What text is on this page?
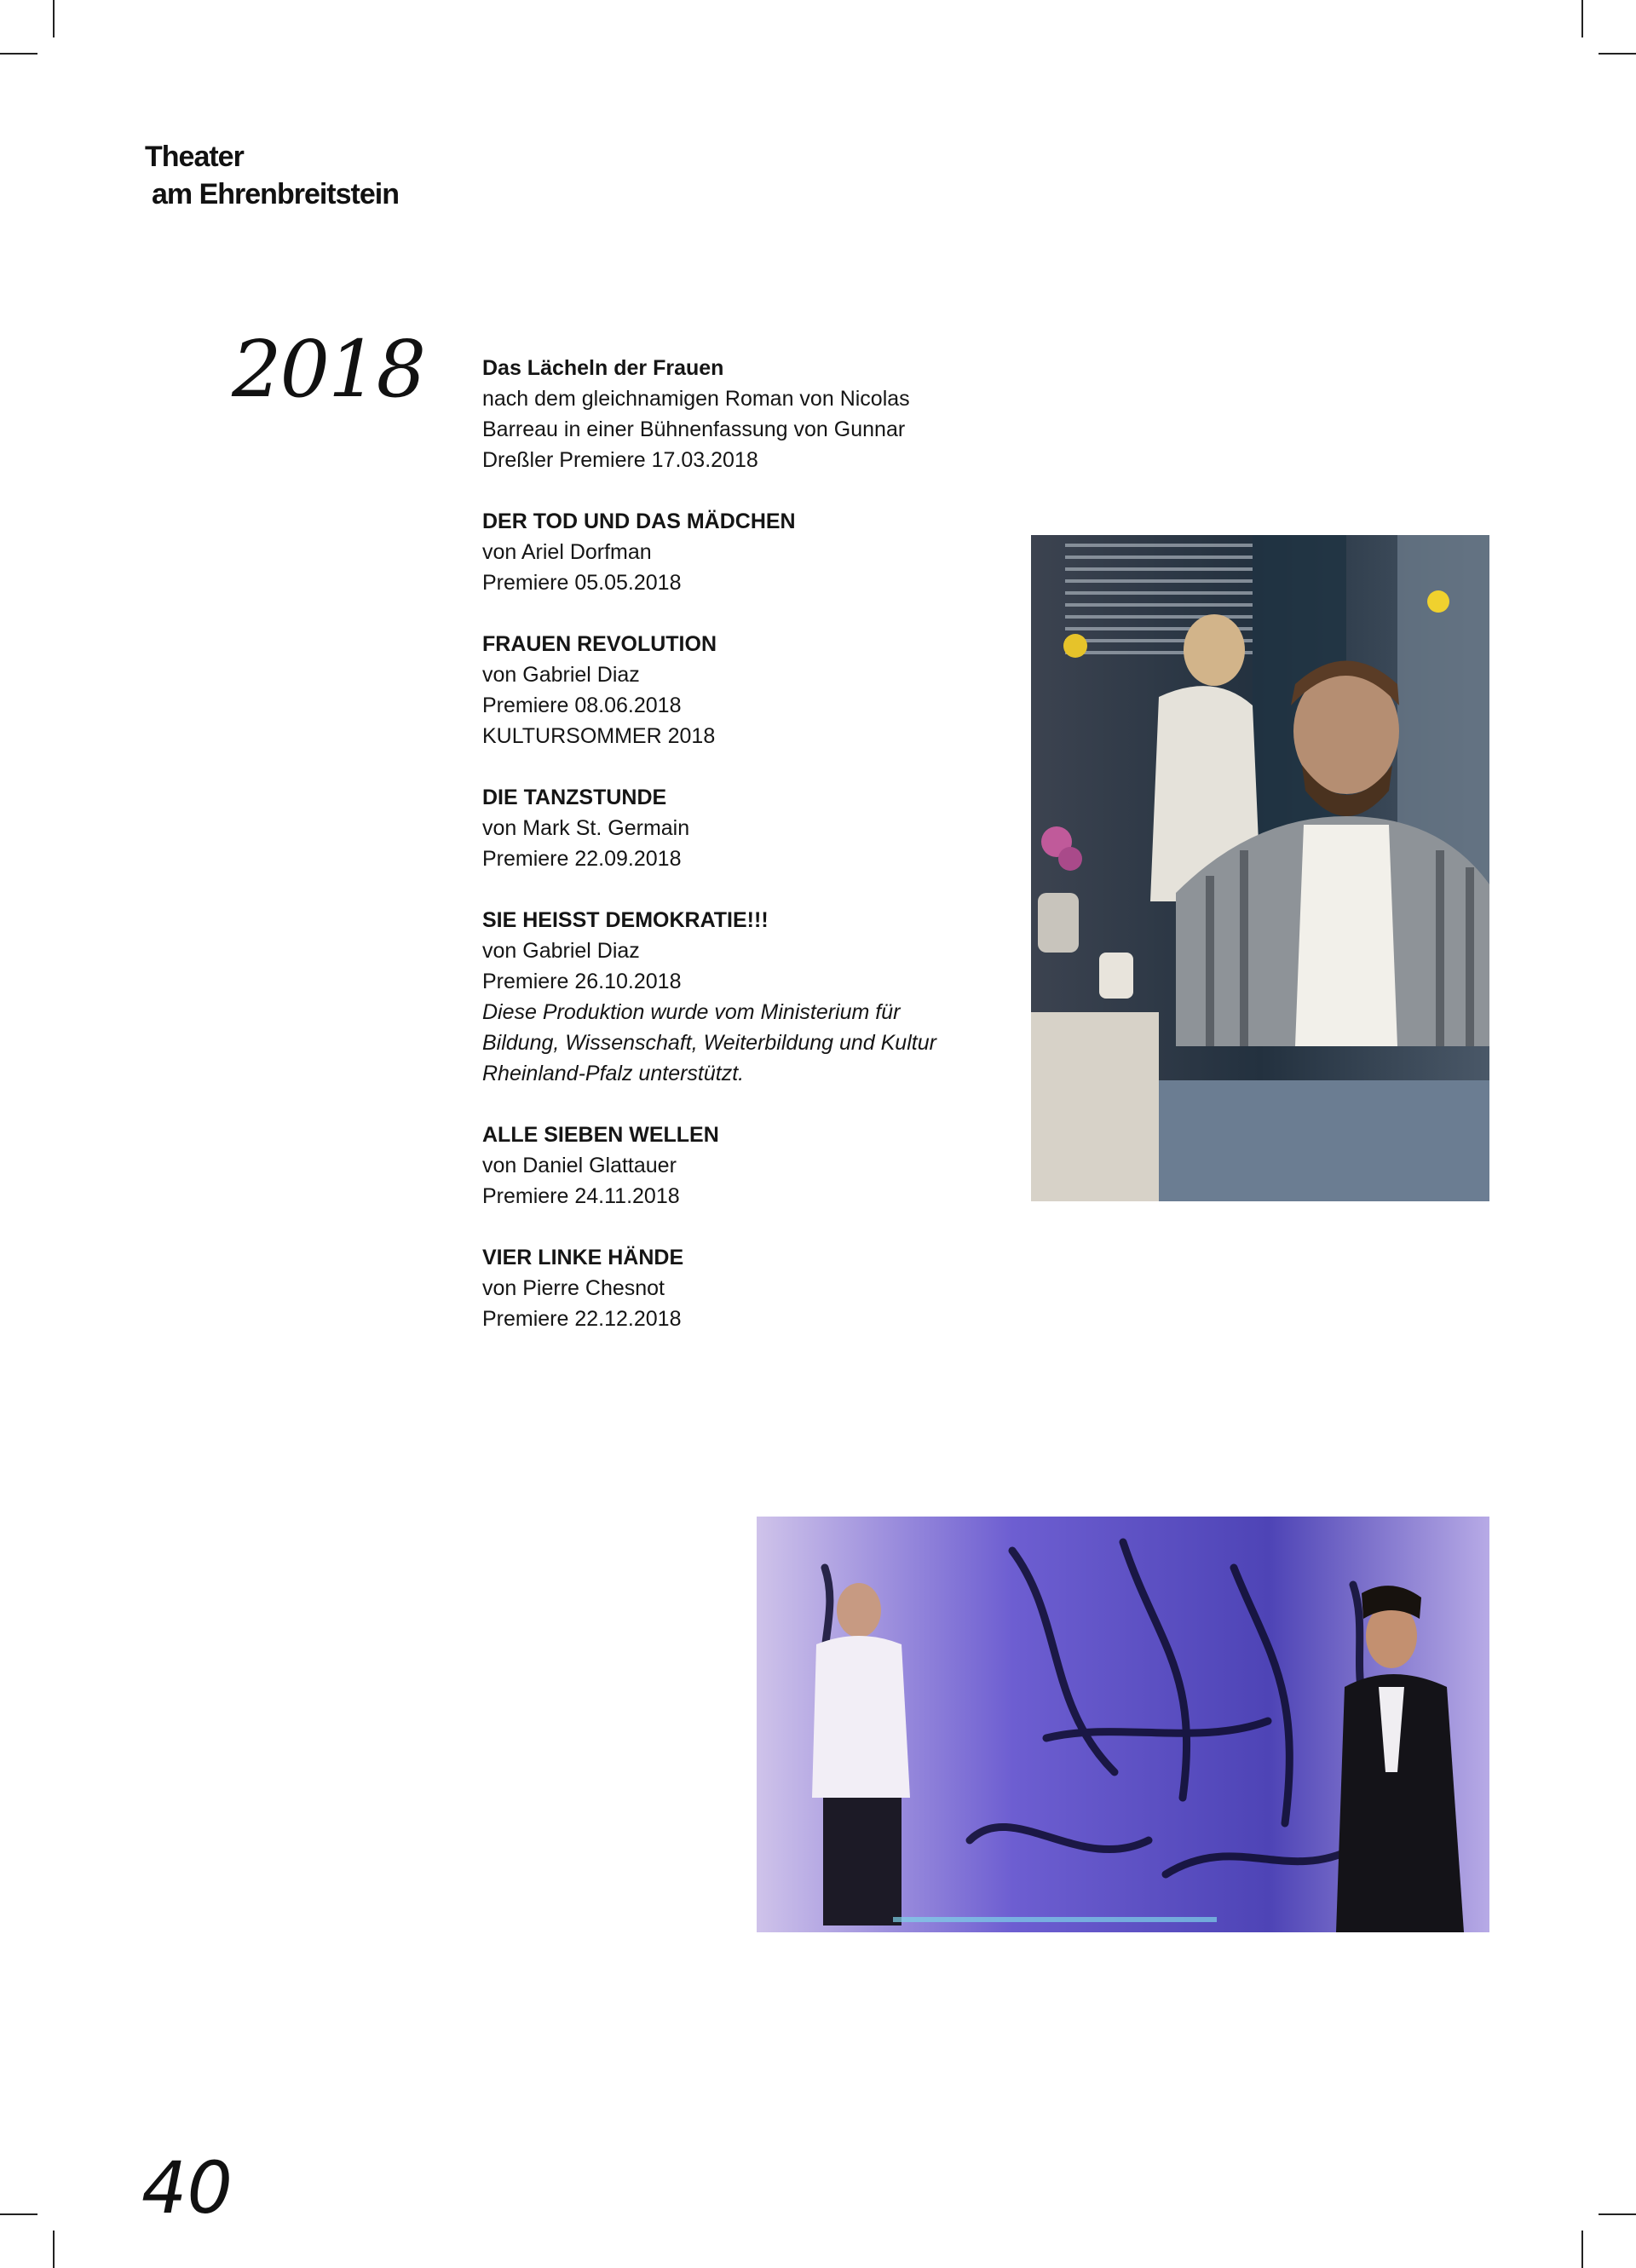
Theater
am Ehrenbreitstein
2018	Das Lächeln der Frauen
nach dem gleichnamigen Roman von Nicolas
Barreau in einer Bühnenfassung von Gunnar
Dreßler Premiere 17.03.2018
DER TOD UND DAS MÄDCHEN
von Ariel Dorfman
Premiere 05.05.2018
FRAUEN REVOLUTION
von Gabriel Diaz
Premiere 08.06.2018
KULTURSOMMER 2018
DIE TANZSTUNDE
von Mark St. Germain
Premiere 22.09.2018
SIE HEISST DEMOKRATIE!!!
von Gabriel Diaz
Premiere 26.10.2018
Diese Produktion wurde vom Ministerium für
Bildung, Wissenschaft, Weiterbildung und Kultur
Rheinland-Pfalz unterstützt.
ALLE SIEBEN WELLEN
von Daniel Glattauer
Premiere 24.11.2018
VIER LINKE HÄNDE
von Pierre Chesnot
Premiere 22.12.2018
40
